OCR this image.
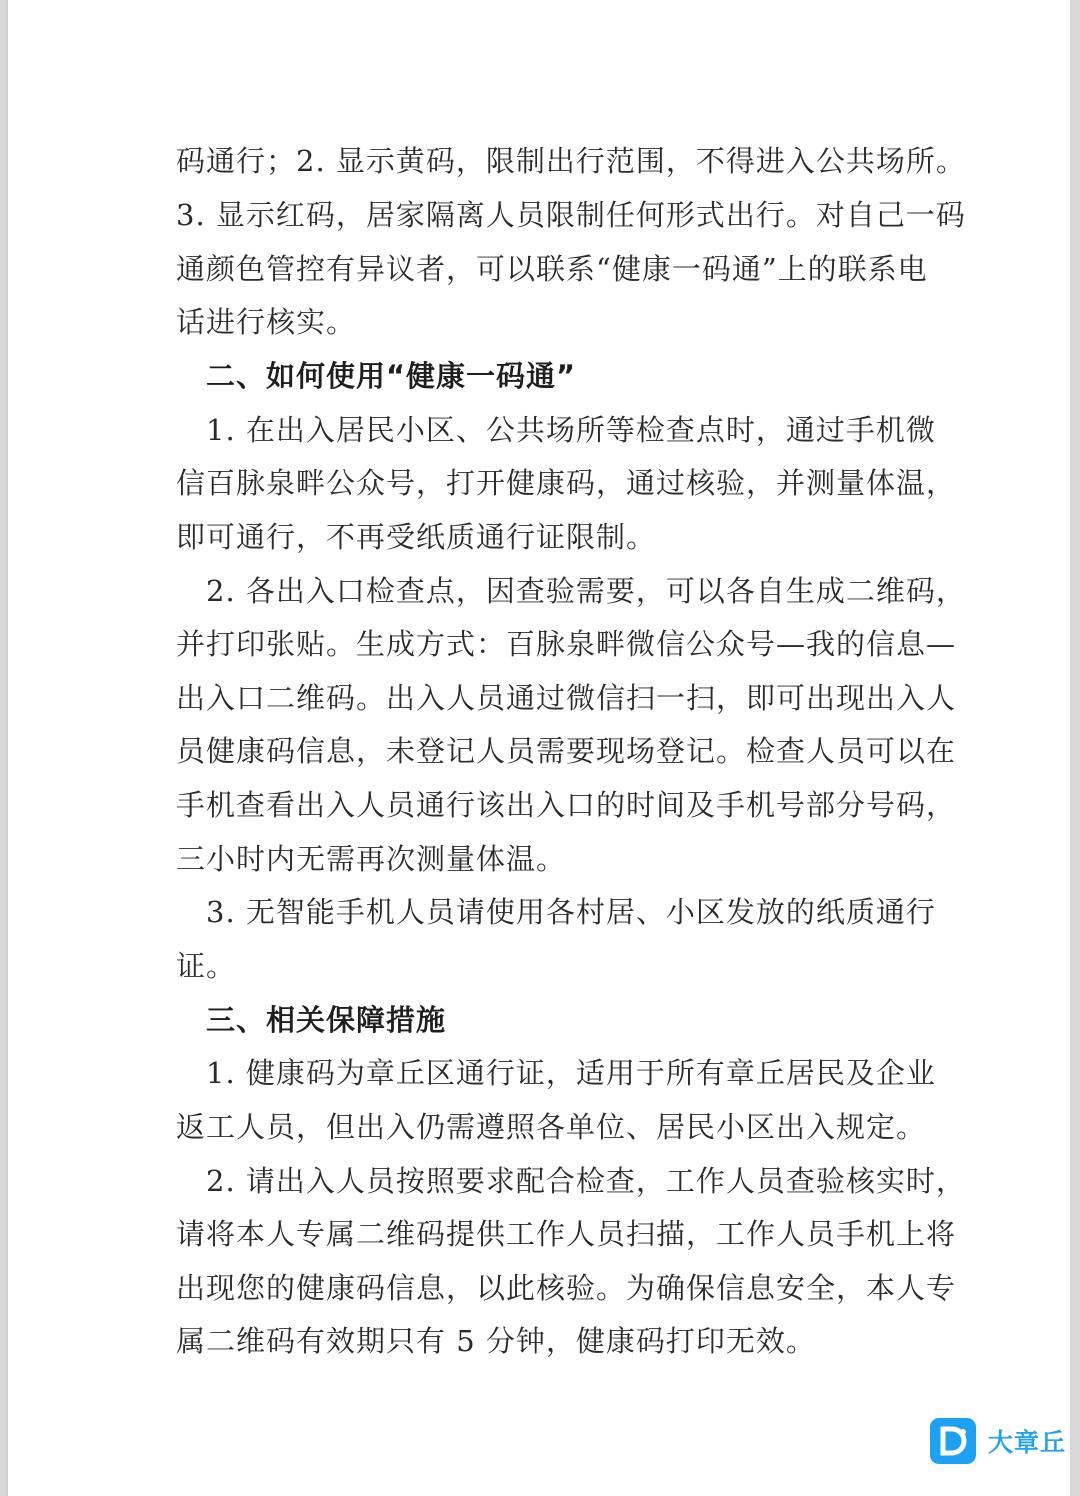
码通行；2. 显示黄码，限制出行范围，不得进入公共场所。
3. 显示红码，居家隔离人员限制任何形式出行。对自己一码
通颜色管控有异议者，可以联系“健康一码通”上的联系电
话进行核实。
　二、如何使用“健康一码通”
　1. 在出入居民小区、公共场所等检查点时，通过手机微
信百脉泉畔公众号，打开健康码，通过核验，并测量体温，
即可通行，不再受纸质通行证限制。
　2. 各出入口检查点，因查验需要，可以各自生成二维码，
并打印张贴。生成方式：百脉泉畔微信公众号—我的信息—
出入口二维码。出入人员通过微信扫一扫，即可出现出入人
员健康码信息，未登记人员需要现场登记。检查人员可以在
手机查看出入人员通行该出入口的时间及手机号部分号码，
三小时内无需再次测量体温。
　3. 无智能手机人员请使用各村居、小区发放的纸质通行
证。
　三、相关保障措施
　1. 健康码为章丘区通行证，适用于所有章丘居民及企业
返工人员，但出入仍需遵照各单位、居民小区出入规定。
　2. 请出入人员按照要求配合检查，工作人员查验核实时，
请将本人专属二维码提供工作人员扫描，工作人员手机上将
出现您的健康码信息，以此核验。为确保信息安全，本人专
属二维码有效期只有 5 分钟，健康码打印无效。
大章丘
